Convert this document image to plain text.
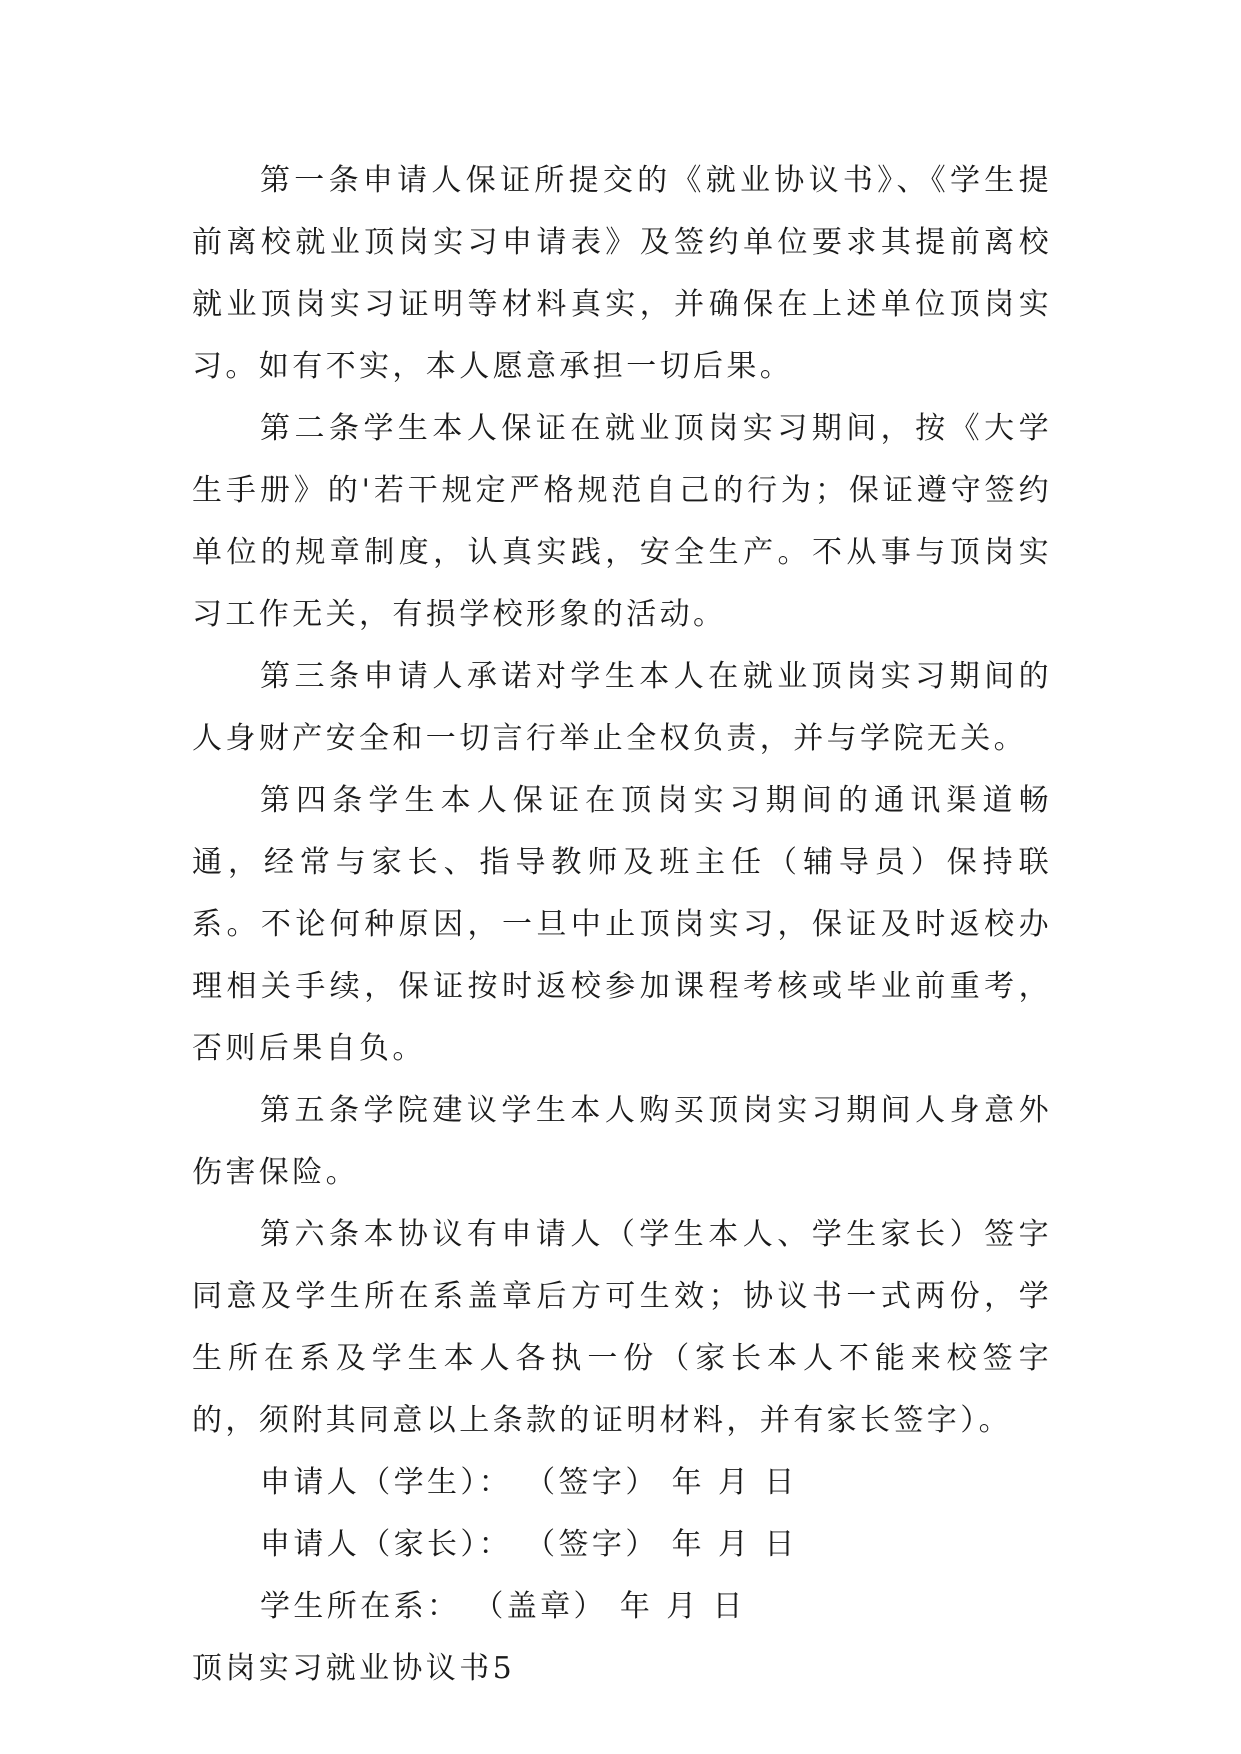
第一条申请人保证所提交的《就业协议书》、《学生提前离校就业顶岗实习申请表》及签约单位要求其提前离校就业顶岗实习证明等材料真实，并确保在上述单位顶岗实习。如有不实，本人愿意承担一切后果。

第二条学生本人保证在就业顶岗实习期间，按《大学生手册》的'若干规定严格规范自己的行为；保证遵守签约单位的规章制度，认真实践，安全生产。不从事与顶岗实习工作无关，有损学校形象的活动。

第三条申请人承诺对学生本人在就业顶岗实习期间的人身财产安全和一切言行举止全权负责，并与学院无关。

第四条学生本人保证在顶岗实习期间的通讯渠道畅通，经常与家长、指导教师及班主任（辅导员）保持联系。不论何种原因，一旦中止顶岗实习，保证及时返校办理相关手续，保证按时返校参加课程考核或毕业前重考，否则后果自负。

第五条学院建议学生本人购买顶岗实习期间人身意外伤害保险。

第六条本协议有申请人（学生本人、学生家长）签字同意及学生所在系盖章后方可生效；协议书一式两份，学生所在系及学生本人各执一份（家长本人不能来校签字的，须附其同意以上条款的证明材料，并有家长签字）。

申请人（学生）： （签字） 年 月 日

申请人（家长）： （签字） 年 月 日

学生所在系： （盖章） 年 月 日

顶岗实习就业协议书5
